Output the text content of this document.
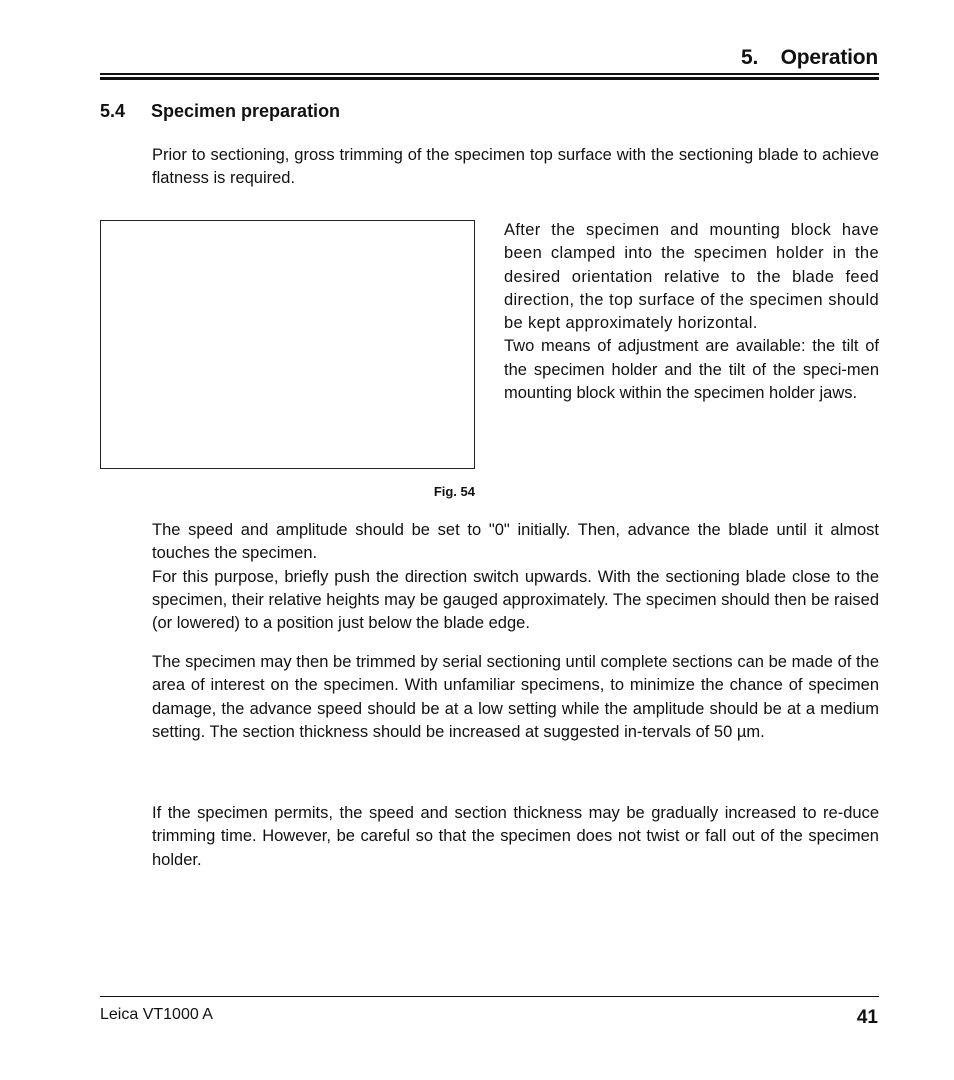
5.    Operation
5.4 Specimen preparation

Prior to sectioning, gross trimming of the specimen top surface with the sectioning blade to achieve flatness is required.

Fig. 54

After the specimen and mounting block have been clamped into the specimen holder in the desired orientation relative to the blade feed direction, the top surface of the specimen should be kept approximately horizontal.

Two means of adjustment are available: the tilt of the specimen holder and the tilt of the speci-men mounting block within the specimen holder jaws.

The speed and amplitude should be set to "0" initially. Then, advance the blade until it almost touches the specimen.

For this purpose, briefly push the direction switch upwards. With the sectioning blade close to the specimen, their relative heights may be gauged approximately. The specimen should then be raised (or lowered) to a position just below the blade edge.

The specimen may then be trimmed by serial sectioning until complete sections can be made of the area of interest on the specimen. With unfamiliar specimens, to minimize the chance of specimen damage, the advance speed should be at a low setting while the amplitude should be at a medium setting. The section thickness should be increased at suggested in-tervals of 50 µm.

If the specimen permits, the speed and section thickness may be gradually increased to re-duce trimming time. However, be careful so that the specimen does not twist or fall out of the specimen holder.

Leica VT1000 A	41
